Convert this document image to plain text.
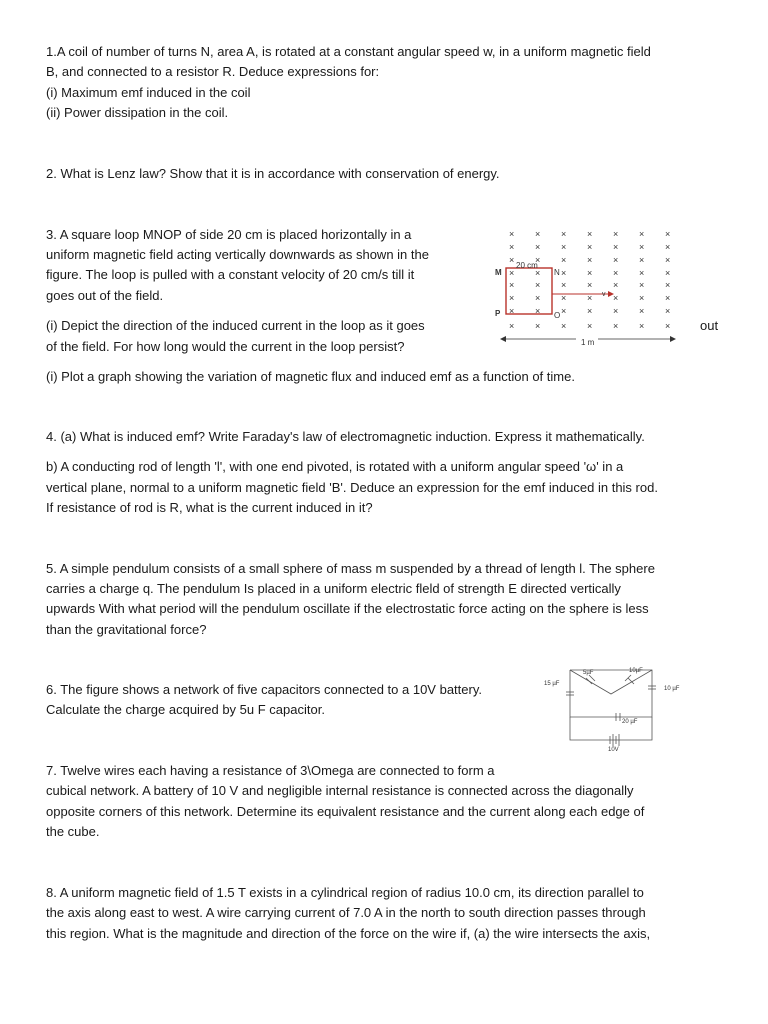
1.A coil of number of turns N, area A, is rotated at a constant angular speed w, in a uniform magnetic field

B, and connected to a resistor R. Deduce expressions for:

(i) Maximum emf induced in the coil

(ii) Power dissipation in the coil.

2. What is Lenz law? Show that it is in accordance with conservation of energy.

3. A square loop MNOP of side 20 cm is placed horizontally in a

uniform magnetic field acting vertically downwards as shown in the

figure. The loop is pulled with a constant velocity of 20 cm/s till it

goes out of the field.

(i) Depict the direction of the induced current in the loop as it goes

of the field. For how long would the current in the loop persist?

out

(i) Plot a graph showing the variation of magnetic flux and induced emf as a function of time.

× × × × × × ×
× × × × × × ×
× × × × × × ×
× × × × × × ×
× × × × × × ×
× × × × × × ×
× × × × × × ×
× × × × × × ×
20 cm
M	N
O
P
v
1 m

4. (a) What is induced emf? Write Faraday's law of electromagnetic induction. Express it mathematically.

b) A conducting rod of length 'l', with one end pivoted, is rotated with a uniform angular speed 'ω' in a

vertical plane, normal to a uniform magnetic field 'B'. Deduce an expression for the emf induced in this rod.

If resistance of rod is R, what is the current induced in it?

5. A simple pendulum consists of a small sphere of mass m suspended by a thread of length l. The sphere

carries a charge q. The pendulum Is placed in a uniform electric fleld of strength E directed vertically

upwards With what period will the pendulum oscillate if the electrostatic force acting on the sphere is less

than the gravitational force?

6. The figure shows a network of five capacitors connected to a 10V battery.

Calculate the charge acquired by 5u F capacitor.

15 µF
5µF	10µF
10 µF
20 µF
10V

7. Twelve wires each having a resistance of 3\Omega are connected to form a

cubical network. A battery of 10 V and negligible internal resistance is connected across the diagonally

opposite corners of this network. Determine its equivalent resistance and the current along each edge of

the cube.

8. A uniform magnetic field of 1.5 T exists in a cylindrical region of radius 10.0 cm, its direction parallel to

the axis along east to west. A wire carrying current of 7.0 A in the north to south direction passes through

this region. What is the magnitude and direction of the force on the wire if, (a) the wire intersects the axis,
